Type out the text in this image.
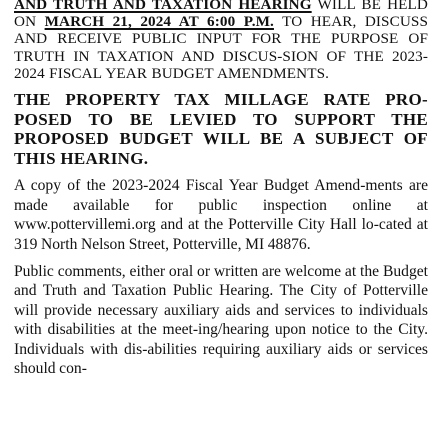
AND TRUTH AND TAXATION HEARING WILL BE HELD ON MARCH 21, 2024 AT 6:00 P.M. TO HEAR, DISCUSS AND RECEIVE PUBLIC INPUT FOR THE PURPOSE OF TRUTH IN TAXATION AND DISCUS-SION OF THE 2023-2024 FISCAL YEAR BUDGET AMENDMENTS.

THE PROPERTY TAX MILLAGE RATE PRO-POSED TO BE LEVIED TO SUPPORT THE PROPOSED BUDGET WILL BE A SUBJECT OF THIS HEARING.

A copy of the 2023-2024 Fiscal Year Budget Amend-ments are made available for public inspection online at www.pottervillemi.org and at the Potterville City Hall lo-cated at 319 North Nelson Street, Potterville, MI 48876.

Public comments, either oral or written are welcome at the Budget and Truth and Taxation Public Hearing. The City of Potterville will provide necessary auxiliary aids and services to individuals with disabilities at the meet-ing/hearing upon notice to the City. Individuals with dis-abilities requiring auxiliary aids or services should con-
